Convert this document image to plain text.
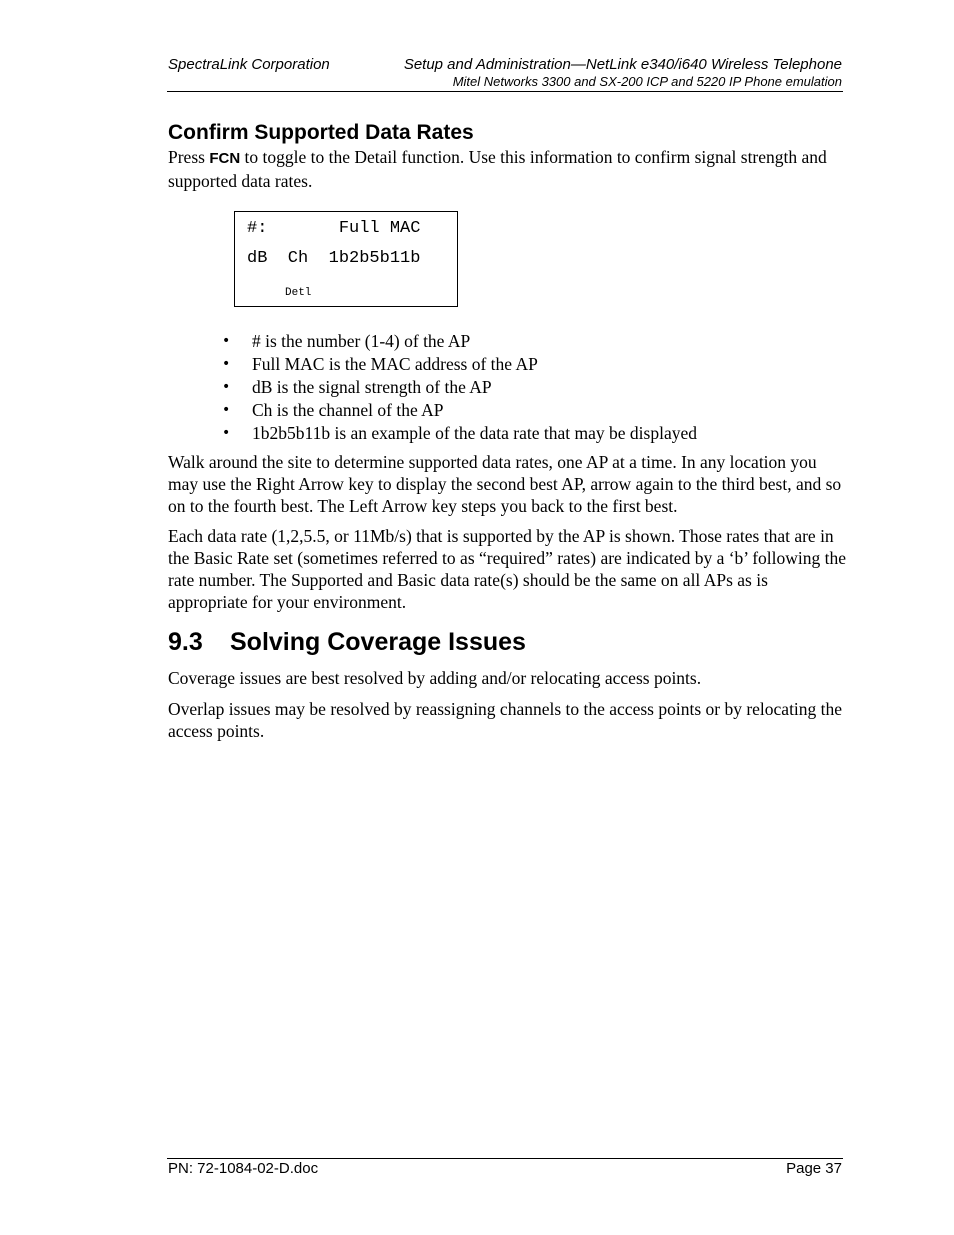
SpectraLink Corporation	Setup and Administration—NetLink e340/i640 Wireless Telephone
Mitel Networks 3300 and SX-200 ICP and 5220 IP Phone emulation
Confirm Supported Data Rates
Press FCN to toggle to the Detail function. Use this information to confirm signal strength and supported data rates.
#:       Full MAC
dB  Ch  1b2b5b11b
Detl
• # is the number (1-4) of the AP
• Full MAC is the MAC address of the AP
• dB is the signal strength of the AP
• Ch is the channel of the AP
• 1b2b5b11b is an example of the data rate that may be displayed
Walk around the site to determine supported data rates, one AP at a time. In any location you may use the Right Arrow key to display the second best AP, arrow again to the third best, and so on to the fourth best. The Left Arrow key steps you back to the first best.
Each data rate (1,2,5.5, or 11Mb/s) that is supported by the AP is shown. Those rates that are in the Basic Rate set (sometimes referred to as “required” rates) are indicated by a ‘b’ following the rate number. The Supported and Basic data rate(s) should be the same on all APs as is appropriate for your environment.
9.3 Solving Coverage Issues
Coverage issues are best resolved by adding and/or relocating access points.
Overlap issues may be resolved by reassigning channels to the access points or by relocating the access points.
PN: 72-1084-02-D.doc	Page 37
